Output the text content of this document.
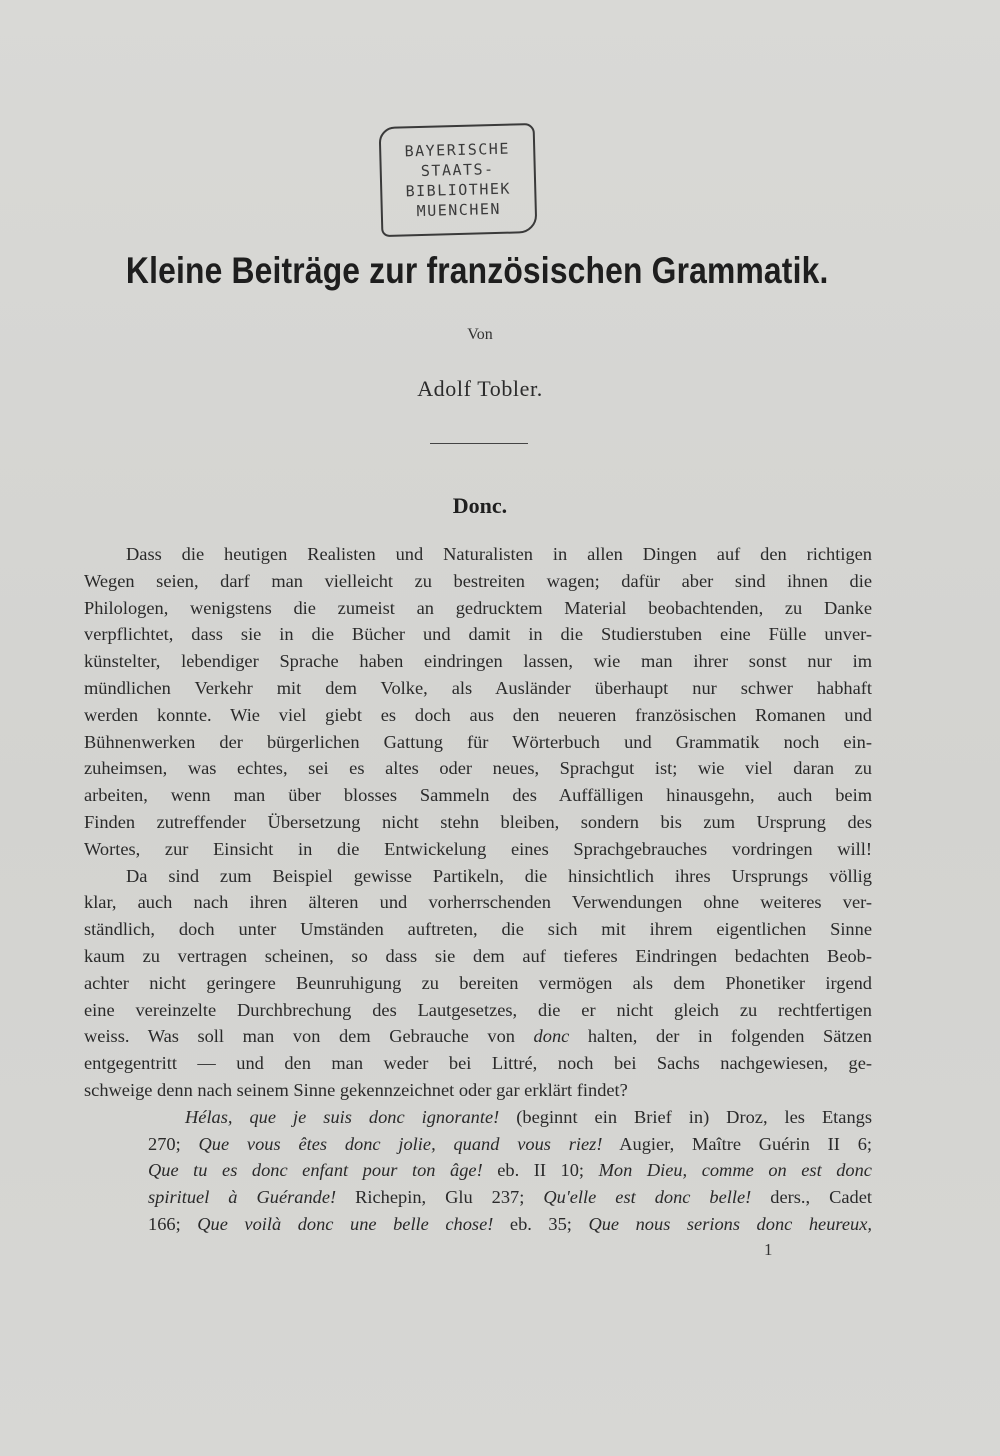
BAYERISCHE
STAATS-
BIBLIOTHEK
MUENCHEN
Kleine Beiträge zur französischen Grammatik.
Von
Adolf Tobler.
Donc.
Dass die heutigen Realisten und Naturalisten in allen Dingen auf den richtigen
Wegen seien, darf man vielleicht zu bestreiten wagen; dafür aber sind ihnen die
Philologen, wenigstens die zumeist an gedrucktem Material beobachtenden, zu Danke
verpflichtet, dass sie in die Bücher und damit in die Studierstuben eine Fülle unver-
künstelter, lebendiger Sprache haben eindringen lassen, wie man ihrer sonst nur im
mündlichen Verkehr mit dem Volke, als Ausländer überhaupt nur schwer habhaft
werden konnte. Wie viel giebt es doch aus den neueren französischen Romanen und
Bühnenwerken der bürgerlichen Gattung für Wörterbuch und Grammatik noch ein-
zuheimsen, was echtes, sei es altes oder neues, Sprachgut ist; wie viel daran zu
arbeiten, wenn man über blosses Sammeln des Auffälligen hinausgehn, auch beim
Finden zutreffender Übersetzung nicht stehn bleiben, sondern bis zum Ursprung des
Wortes, zur Einsicht in die Entwickelung eines Sprachgebrauches vordringen will!
Da sind zum Beispiel gewisse Partikeln, die hinsichtlich ihres Ursprungs völlig
klar, auch nach ihren älteren und vorherrschenden Verwendungen ohne weiteres ver-
ständlich, doch unter Umständen auftreten, die sich mit ihrem eigentlichen Sinne
kaum zu vertragen scheinen, so dass sie dem auf tieferes Eindringen bedachten Beob-
achter nicht geringere Beunruhigung zu bereiten vermögen als dem Phonetiker irgend
eine vereinzelte Durchbrechung des Lautgesetzes, die er nicht gleich zu rechtfertigen
weiss. Was soll man von dem Gebrauche von donc halten, der in folgenden Sätzen
entgegentritt — und den man weder bei Littré, noch bei Sachs nachgewiesen, ge-
schweige denn nach seinem Sinne gekennzeichnet oder gar erklärt findet?
Hélas, que je suis donc ignorante! (beginnt ein Brief in) Droz, les Etangs
270; Que vous êtes donc jolie, quand vous riez! Augier, Maître Guérin II 6;
Que tu es donc enfant pour ton âge! eb. II 10; Mon Dieu, comme on est donc
spirituel à Guérande! Richepin, Glu 237; Qu'elle est donc belle! ders., Cadet
166; Que voilà donc une belle chose! eb. 35; Que nous serions donc heureux,
1
